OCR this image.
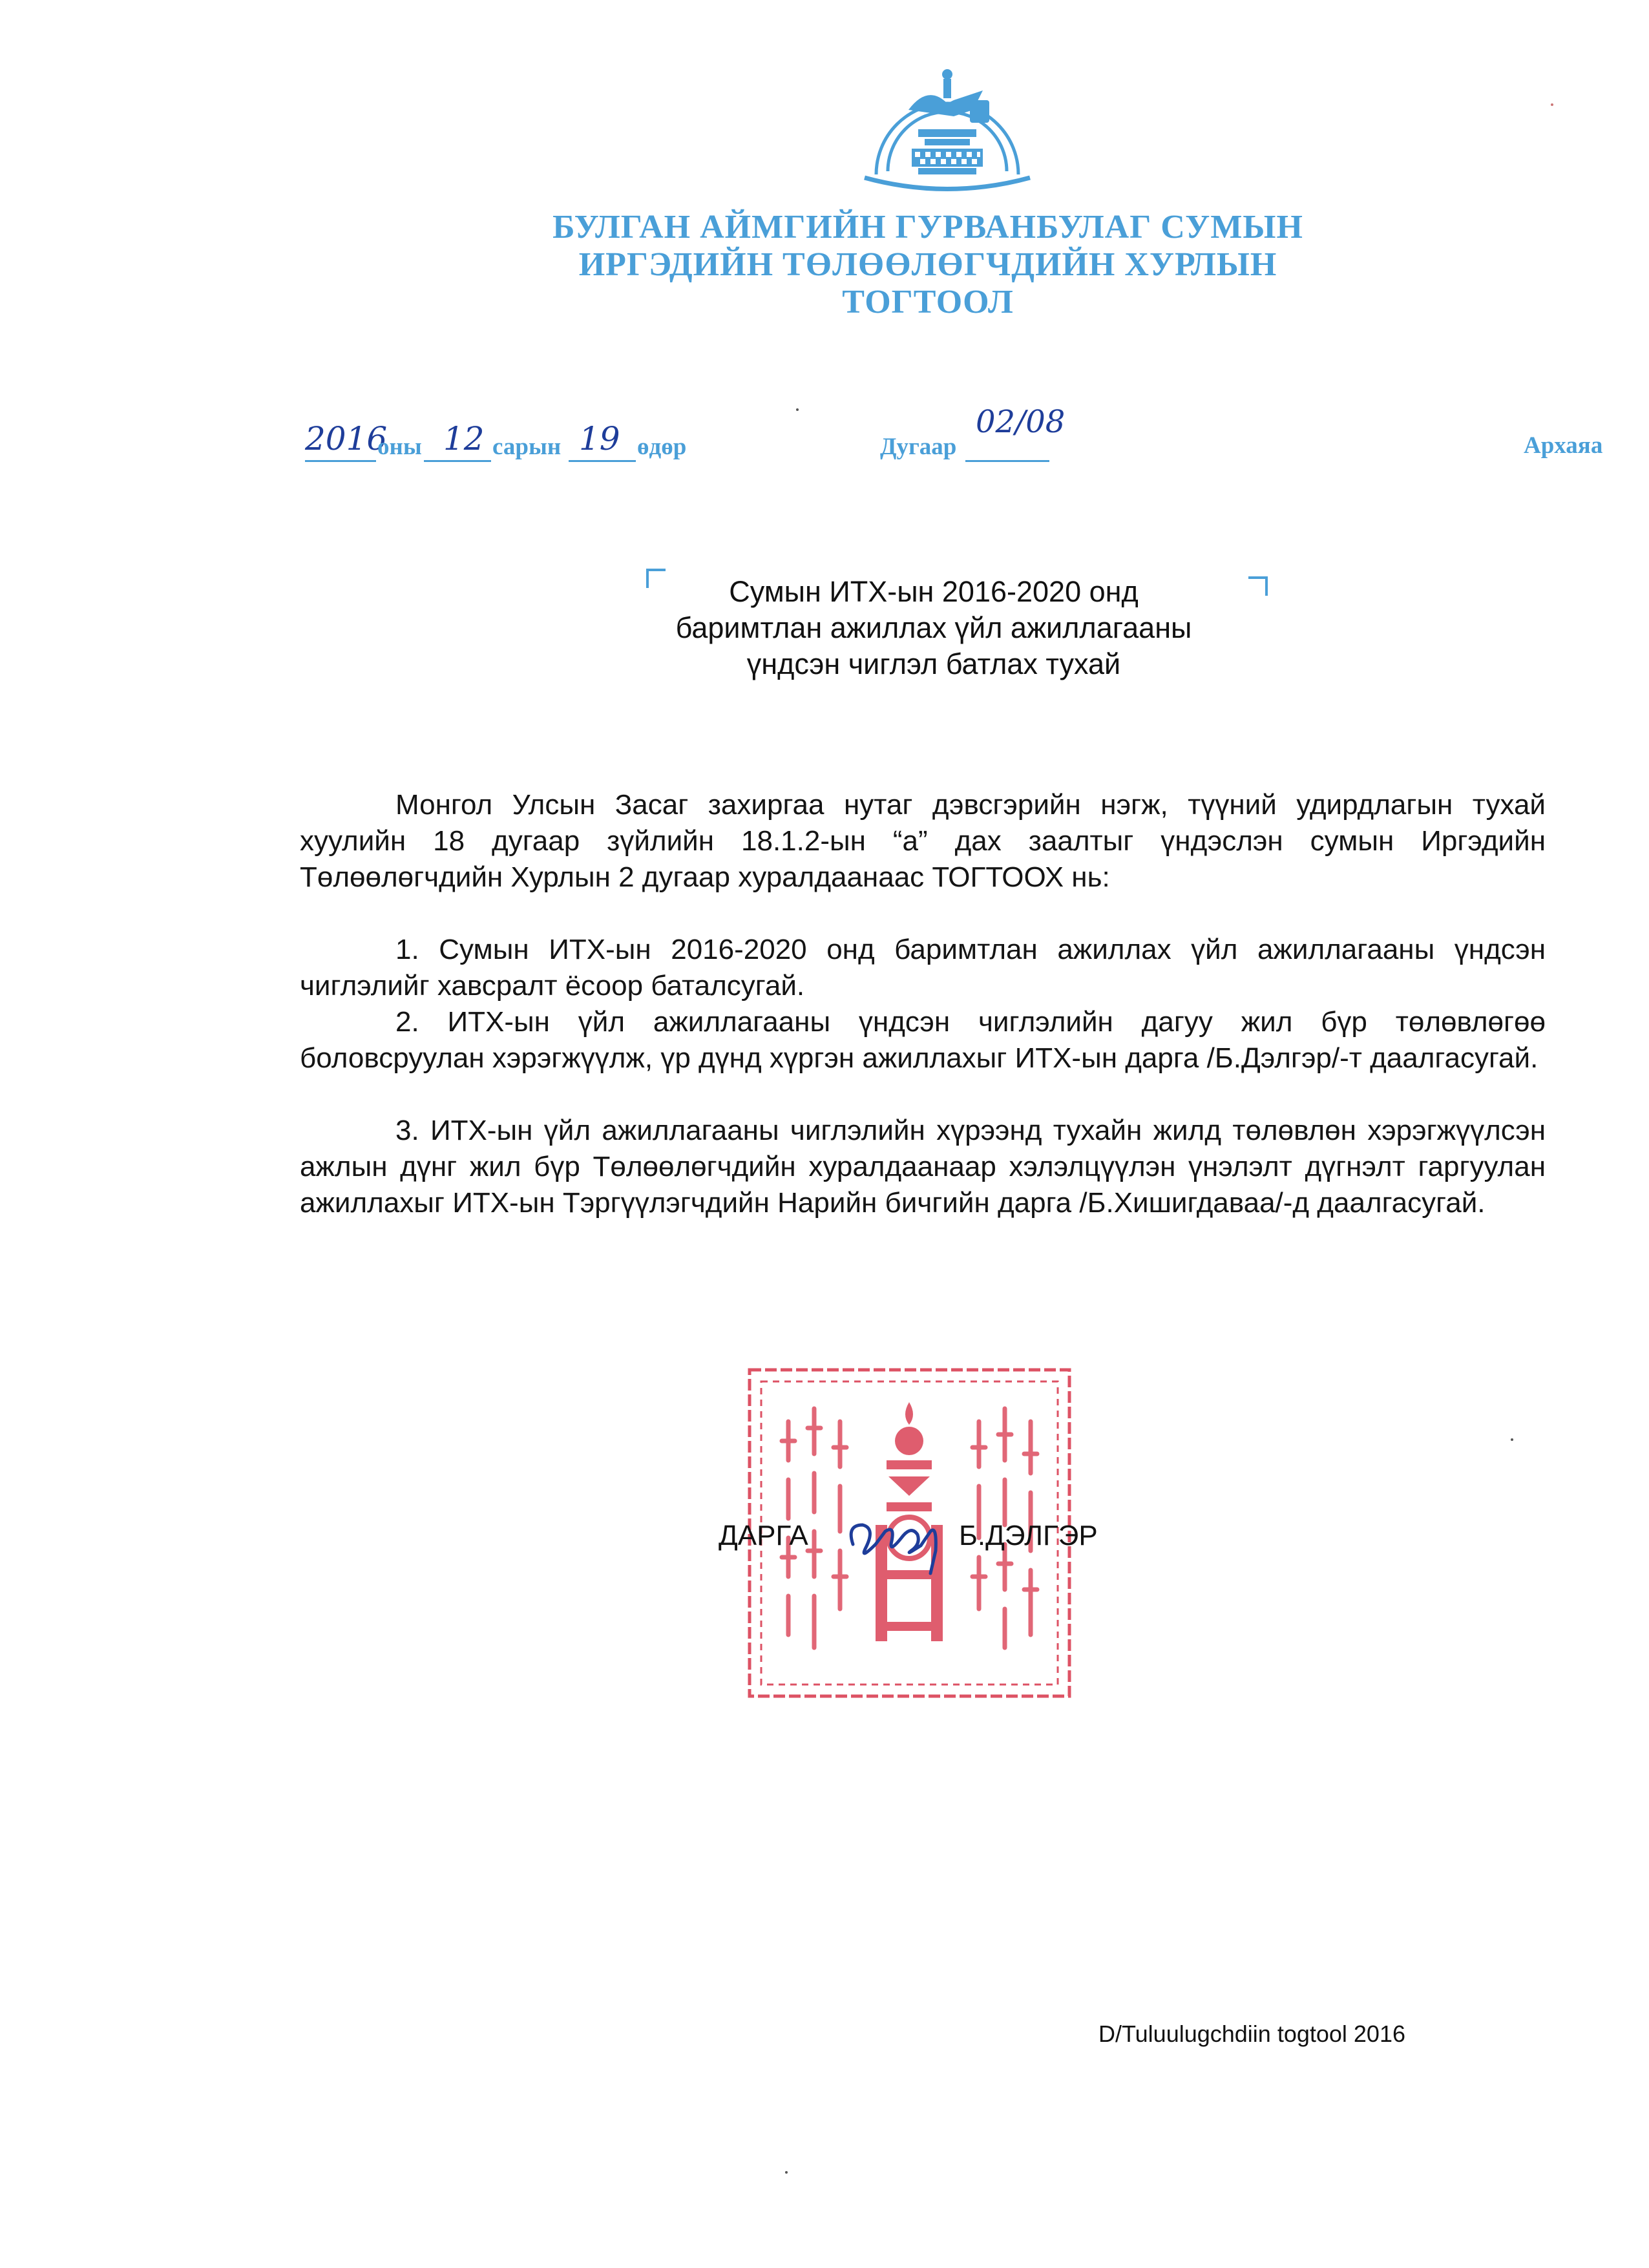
БУЛГАН АЙМГИЙН ГУРВАНБУЛАГ СУМЫН
ИРГЭДИЙН ТӨЛӨӨЛӨГЧДИЙН ХУРЛЫН
ТОГТООЛ
2016
оны 12 сарын 19 өдөр	Дугаар
02/08
Архаяа
Сумын ИТХ-ын 2016-2020 онд
баримтлан ажиллах үйл ажиллагааны
үндсэн чиглэл батлах тухай
Монгол Улсын Засаг захиргаа нутаг дэвсгэрийн нэгж, түүний удирдлагын тухай хуулийн 18 дугаар зүйлийн 18.1.2-ын “а” дах заалтыг үндэслэн сумын Иргэдийн Төлөөлөгчдийн Хурлын 2 дугаар хуралдаанаас ТОГТООХ нь:
1. Сумын ИТХ-ын 2016-2020 онд баримтлан ажиллах үйл ажиллагааны үндсэн чиглэлийг хавсралт ёсоор баталсугай.
2. ИТХ-ын үйл ажиллагааны үндсэн чиглэлийн дагуу жил бүр төлөвлөгөө боловсруулан хэрэгжүүлж, үр дүнд хүргэн ажиллахыг ИТХ-ын дарга /Б.Дэлгэр/-т даалгасугай.
3. ИТХ-ын үйл ажиллагааны чиглэлийн хүрээнд тухайн жилд төлөвлөн хэрэгжүүлсэн ажлын дүнг жил бүр Төлөөлөгчдийн хуралдаанаар хэлэлцүүлэн үнэлэлт дүгнэлт гаргуулан ажиллахыг ИТХ-ын Тэргүүлэгчдийн Нарийн бичгийн дарга /Б.Хишигдаваа/-д даалгасугай.
ДАРГА	Б.ДЭЛГЭР
D/Tuluulugchdiin togtool 2016
